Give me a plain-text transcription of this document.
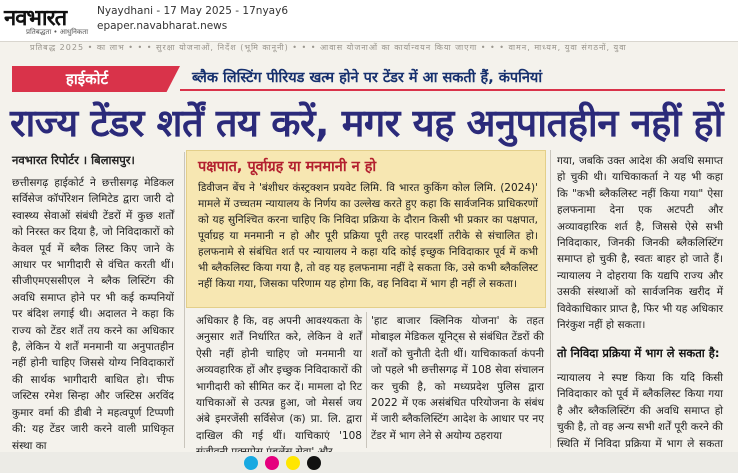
नवभारत
प्रतिबद्धता • आधुनिकता
Nyaydhani - 17 May 2025 - 17nyay6
epaper.navabharat.news
प्रतिबद्ध 2025 • का लाभ • • • सुरक्षा योजनाओं, निर्देश (भूमि कानूनी) • • • आवास योजनाओं का कार्यान्वयन किया जाएगा • • • वामन, माध्यम, युवा संगठनों, युवा
हाईकोर्ट	ब्लैक लिस्टिंग पीरियड खत्म होने पर टेंडर में आ सकती हैं, कंपनियां
राज्य टेंडर शर्तें तय करें, मगर यह अनुपातहीन नहीं हों
नवभारत रिपोर्टर । बिलासपुर।
छत्तीसगढ़ हाईकोर्ट ने छत्तीसगढ़ मेडिकल सर्विसेज कॉर्पोरेशन लिमिटेड द्वारा जारी दो स्वास्थ्य सेवाओं संबंधी टेंडरों में कुछ शर्तों को निरस्त कर दिया है, जो निविदाकारों को केवल पूर्व में ब्लैक लिस्ट किए जाने के आधार पर भागीदारी से वंचित करती थीं। सीजीएमएससीएल ने ब्लैक लिस्टिंग की अवधि समाप्त होने पर भी कई कम्पनियों पर बंदिश लगाई थी। अदालत ने कहा कि राज्य को टेंडर शर्तें तय करने का अधिकार है, लेकिन ये शर्तें मनमानी या अनुपातहीन नहीं होनी चाहिए जिससे योग्य निविदाकारों की सार्थक भागीदारी बाधित हो। चीफ जस्टिस रमेश सिन्हा और जस्टिस अरविंद कुमार वर्मा की डीबी ने महत्वपूर्ण टिप्पणी की: यह टेंडर जारी करने वाली प्राधिकृत संस्था का
पक्षपात, पूर्वाग्रह या मनमानी न हो
डिवीजन बेंच ने 'बंशीधर कंस्ट्रक्शन प्रयवेट लिमि. वि भारत कुकिंग कोल लिमि. (2024)' मामले में उच्चतम न्यायालय के निर्णय का उल्लेख करते हुए कहा कि सार्वजनिक प्राधिकरणों को यह सुनिश्चित करना चाहिए कि निविदा प्रक्रिया के दौरान किसी भी प्रकार का पक्षपात, पूर्वाग्रह या मनमानी न हो और पूरी प्रक्रिया पूरी तरह पारदर्शी तरीके से संचालित हो। हलफनामे से संबंधित शर्त पर न्यायालय ने कहा यदि कोई इच्छुक निविदाकार पूर्व में कभी भी ब्लैकलिस्ट किया गया है, तो वह यह हलफनामा नहीं दे सकता कि, उसे कभी ब्लैकलिस्ट नहीं किया गया, जिसका परिणाम यह होगा कि, वह निविदा में भाग ही नहीं ले सकता।
अधिकार है कि, वह अपनी आवश्यकता के अनुसार शर्तें निर्धारित करे, लेकिन वे शर्तें ऐसी नहीं होनी चाहिए जो मनमानी या अव्यवहारिक हों और इच्छुक निविदाकारों की भागीदारी को सीमित कर दें। मामला दो रिट याचिकाओं से उत्पन्न हुआ, जो मेसर्स जय अंबे इमरजेंसी सर्विसेज (क) प्रा. लि. द्वारा दाखिल की गई थीं। याचिकाएं '108
'हाट बाजार क्लिनिक योजना' के तहत मोबाइल मेडिकल यूनिट्स से संबंधित टेंडरों की शर्तों को चुनौती देती थीं। याचिकाकर्ता कंपनी जो पहले भी छत्तीसगढ़ में 108 सेवा संचालन कर चुकी है, को मध्यप्रदेश पुलिस द्वारा 2022 में एक असंबंधित परियोजना के संबंध में जारी ब्लैकलिस्टिंग आदेश के आधार पर नए टेंडर में भाग लेने से अयोग्य ठहराया
गया, जबकि उक्त आदेश की अवधि समाप्त हो चुकी थी। याचिकाकर्ता ने यह भी कहा कि "कभी ब्लैकलिस्ट नहीं किया गया" ऐसा हलफनामा देना एक अटपटी और अव्यावहारिक शर्त है, जिससे ऐसे सभी निविदाकार, जिनकी जिनकी ब्लैकलिस्टिंग समाप्त हो चुकी है, स्वतः बाहर हो जाते हैं। न्यायालय ने दोहराया कि यद्यपि राज्य और उसकी संस्थाओं को सार्वजनिक खरीद में विवेकाधिकार प्राप्त है, फिर भी यह अधिकार निरंकुश नहीं हो सकता।
तो निविदा प्रक्रिया में भाग ले सकता है:
न्यायालय ने स्पष्ट किया कि यदि किसी निविदाकार को पूर्व में ब्लैकलिस्ट किया गया है और ब्लैकलिस्टिंग की अवधि समाप्त हो चुकी है, तो वह अन्य सभी शर्तें पूरी करने की स्थिति में निविदा प्रक्रिया में भाग ले सकता
